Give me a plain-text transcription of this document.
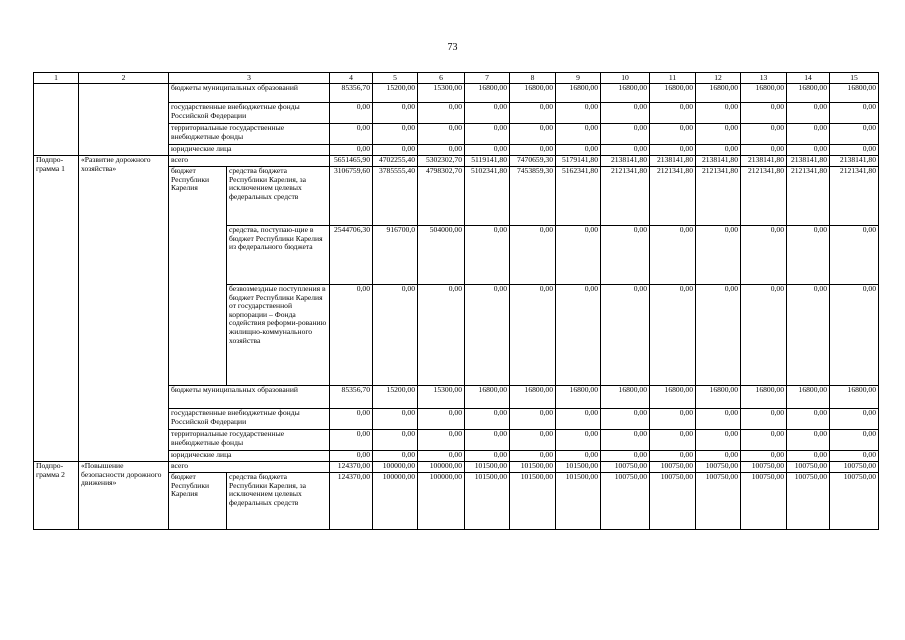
73
1	2	3		4	5	6	7	8	9	10	11	12	13	14	15
		бюджеты муниципальных образований		85356,70	15200,00	15300,00	16800,00	16800,00	16800,00	16800,00	16800,00	16800,00	16800,00	16800,00	16800,00
		государственные внебюджетные фонды Российской Федерации		0,00	0,00	0,00	0,00	0,00	0,00	0,00	0,00	0,00	0,00	0,00	0,00
		территориальные государственные внебюджетные фонды		0,00	0,00	0,00	0,00	0,00	0,00	0,00	0,00	0,00	0,00	0,00	0,00
		юридические лица		0,00	0,00	0,00	0,00	0,00	0,00	0,00	0,00	0,00	0,00	0,00	0,00
Подпро-грамма 1	«Развитие дорожного хозяйства»	всего		5651465,90	4702255,40	5302302,70	5119141,80	7470659,30	5179141,80	2138141,80	2138141,80	2138141,80	2138141,80	2138141,80	2138141,80
		бюджет Республики Карелия	средства бюджета Республики Карелия, за исключением целевых федеральных средств	3106759,60	3785555,40	4798302,70	5102341,80	7453859,30	5162341,80	2121341,80	2121341,80	2121341,80	2121341,80	2121341,80	2121341,80
			средства, поступаю-щие в бюджет Республики Карелия из федерального бюджета	2544706,30	916700,0	504000,00	0,00	0,00	0,00	0,00	0,00	0,00	0,00	0,00	0,00
			безвозмездные поступления в бюджет Республики Карелия от государственной корпорации – Фонда содействия реформи-рованию жилищно-коммунального хозяйства	0,00	0,00	0,00	0,00	0,00	0,00	0,00	0,00	0,00	0,00	0,00	0,00
		бюджеты муниципальных образований		85356,70	15200,00	15300,00	16800,00	16800,00	16800,00	16800,00	16800,00	16800,00	16800,00	16800,00	16800,00
		государственные внебюджетные фонды Российской Федерации		0,00	0,00	0,00	0,00	0,00	0,00	0,00	0,00	0,00	0,00	0,00	0,00
		территориальные государственные внебюджетные фонды		0,00	0,00	0,00	0,00	0,00	0,00	0,00	0,00	0,00	0,00	0,00	0,00
		юридические лица		0,00	0,00	0,00	0,00	0,00	0,00	0,00	0,00	0,00	0,00	0,00	0,00
Подпро-грамма 2	«Повышение безопасности дорожного движения»	всего		124370,00	100000,00	100000,00	101500,00	101500,00	101500,00	100750,00	100750,00	100750,00	100750,00	100750,00	100750,00
		бюджет Республики Карелия	средства бюджета Республики Карелия, за исключением целевых федеральных средств	124370,00	100000,00	100000,00	101500,00	101500,00	101500,00	100750,00	100750,00	100750,00	100750,00	100750,00	100750,00
